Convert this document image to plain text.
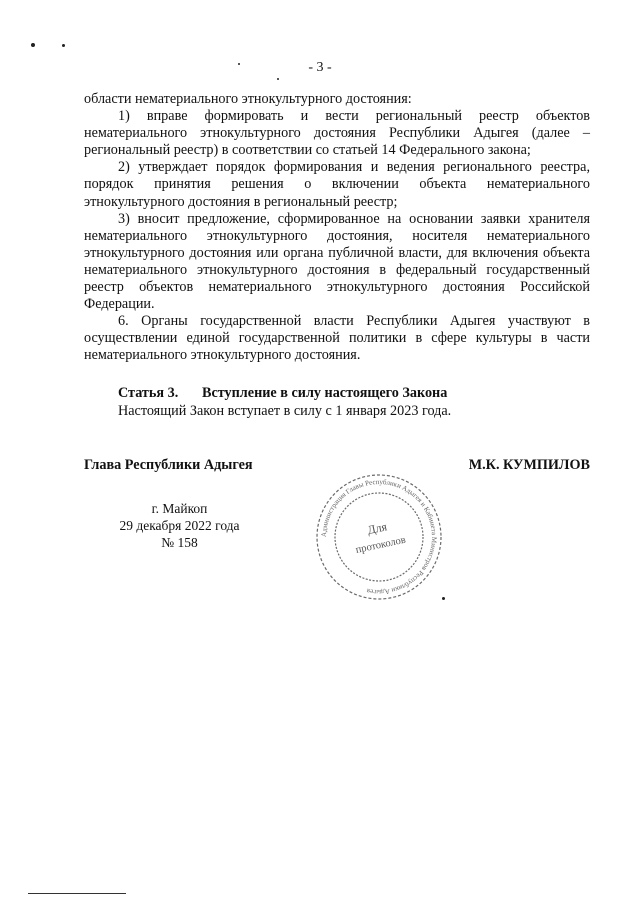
- 3 -

области нематериального этнокультурного достояния:

1) вправе формировать и вести региональный реестр объектов нематериального этнокультурного достояния Республики Адыгея (далее – региональный реестр) в соответствии со статьей 14 Федерального закона;

2) утверждает порядок формирования и ведения регионального реестра, порядок принятия решения о включении объекта нематериального этнокультурного достояния в региональный реестр;

3) вносит предложение, сформированное на основании заявки хранителя нематериального этнокультурного достояния, носителя нематериального этнокультурного достояния или органа публичной власти, для включения объекта нематериального этнокультурного достояния в федеральный государственный реестр объектов нематериального этнокультурного достояния Российской Федерации.

6. Органы государственной власти Республики Адыгея участвуют в осуществлении единой государственной политики в сфере культуры в части нематериального этнокультурного достояния.

Статья 3. Вступление в силу настоящего Закона
Настоящий Закон вступает в силу с 1 января 2023 года.
Глава Республики Адыгея	М.К. КУМПИЛОВ
г. Майкоп
29 декабря 2022 года
№ 158
Администрация Главы Республики Адыгея и Кабинета Министров Республики Адыгея
Для
протоколов
